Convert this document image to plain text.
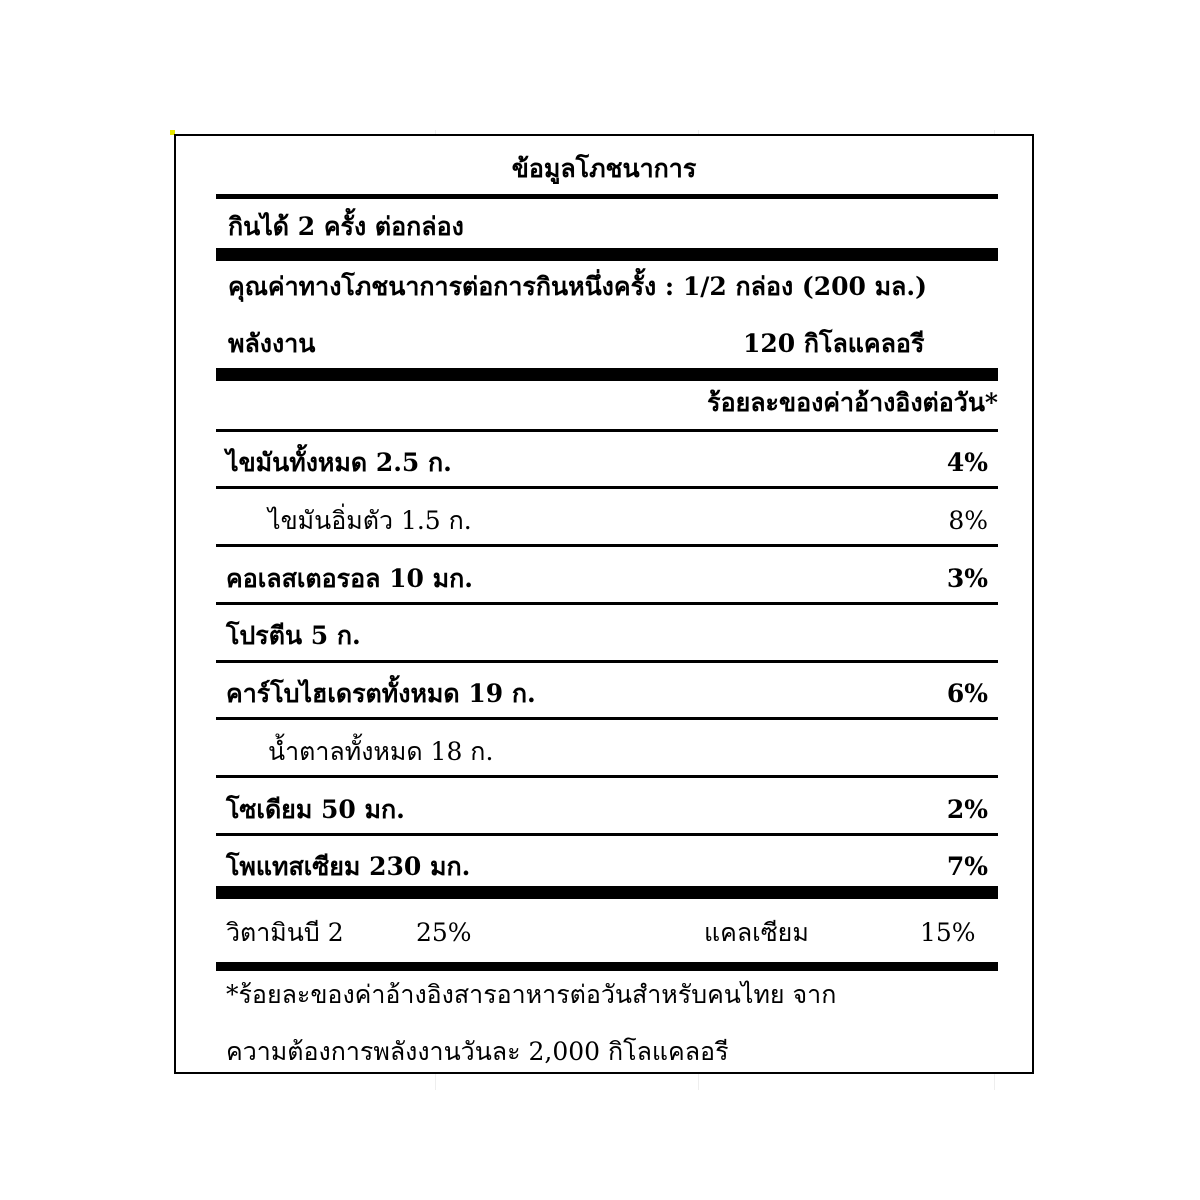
ข้อมูลโภชนาการ
กินได้ 2 ครั้ง ต่อกล่อง
คุณค่าทางโภชนาการต่อการกินหนึ่งครั้ง : 1/2 กล่อง (200 มล.)
พลังงาน	120 กิโลแคลอรี
ร้อยละของค่าอ้างอิงต่อวัน*
ไขมันทั้งหมด 2.5 ก.	4%
ไขมันอิ่มตัว 1.5 ก.	8%
คอเลสเตอรอล 10 มก.	3%
โปรตีน 5 ก.
คาร์โบไฮเดรตทั้งหมด 19 ก.	6%
น้ำตาลทั้งหมด 18 ก.
โซเดียม 50 มก.	2%
โพแทสเซียม 230 มก.	7%
วิตามินบี 2	25%	แคลเซียม	15%
*ร้อยละของค่าอ้างอิงสารอาหารต่อวันสำหรับคนไทย จาก
ความต้องการพลังงานวันละ 2,000 กิโลแคลอรี
